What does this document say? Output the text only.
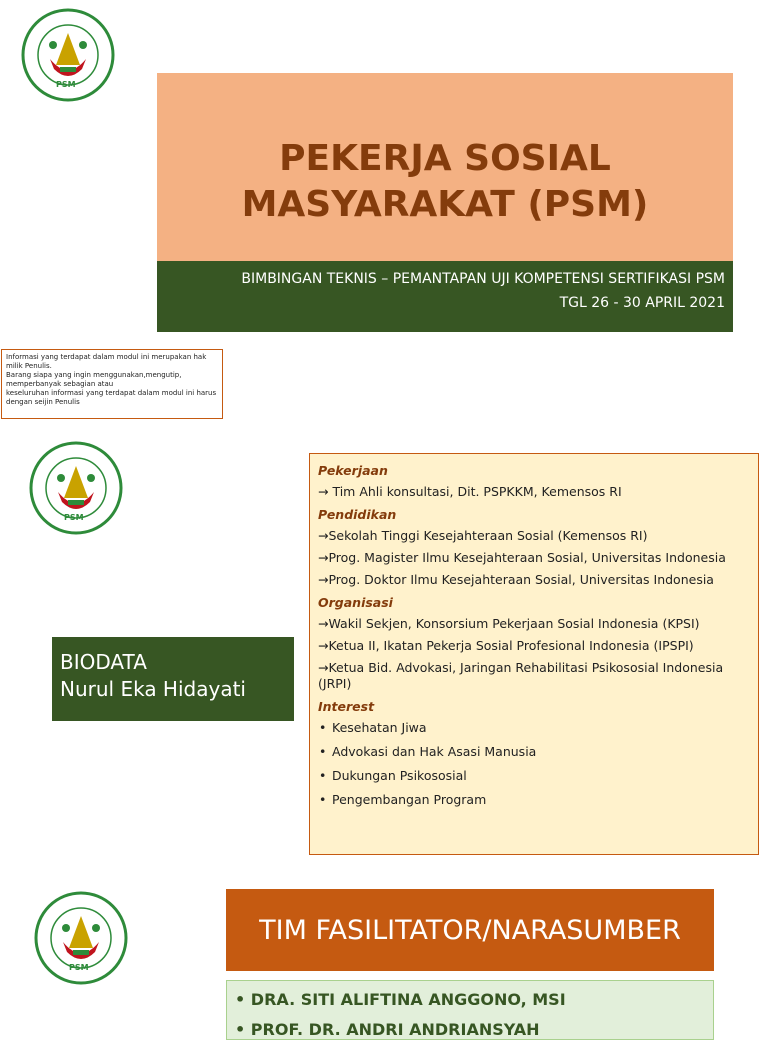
PSM
PEKERJA SOSIAL
MASYARAKAT (PSM)
BIMBINGAN TEKNIS – PEMANTAPAN UJI KOMPETENSI SERTIFIKASI PSM
TGL 26 - 30 APRIL 2021
Informasi yang terdapat dalam modul ini merupakan hak
milik Penulis.
Barang siapa yang ingin menggunakan,mengutip,
memperbanyak sebagian atau
keseluruhan informasi yang terdapat dalam modul ini harus
dengan seijin Penulis
PSM
BIODATA
Nurul Eka Hidayati
Pekerjaan
→ Tim Ahli konsultasi, Dit. PSPKKM, Kemensos RI
Pendidikan
→Sekolah Tinggi Kesejahteraan Sosial (Kemensos RI)
→Prog. Magister Ilmu Kesejahteraan Sosial, Universitas Indonesia
→Prog. Doktor Ilmu Kesejahteraan Sosial, Universitas Indonesia
Organisasi
→Wakil Sekjen, Konsorsium Pekerjaan Sosial Indonesia (KPSI)
→Ketua II, Ikatan Pekerja Sosial Profesional Indonesia (IPSPI)
→Ketua Bid. Advokasi, Jaringan Rehabilitasi Psikososial Indonesia (JRPI)
Interest
• Kesehatan Jiwa
• Advokasi dan Hak Asasi Manusia
• Dukungan Psikososial
• Pengembangan Program
PSM
TIM FASILITATOR/NARASUMBER
• DRA. SITI ALIFTINA ANGGONO, MSI
• PROF. DR. ANDRI ANDRIANSYAH
